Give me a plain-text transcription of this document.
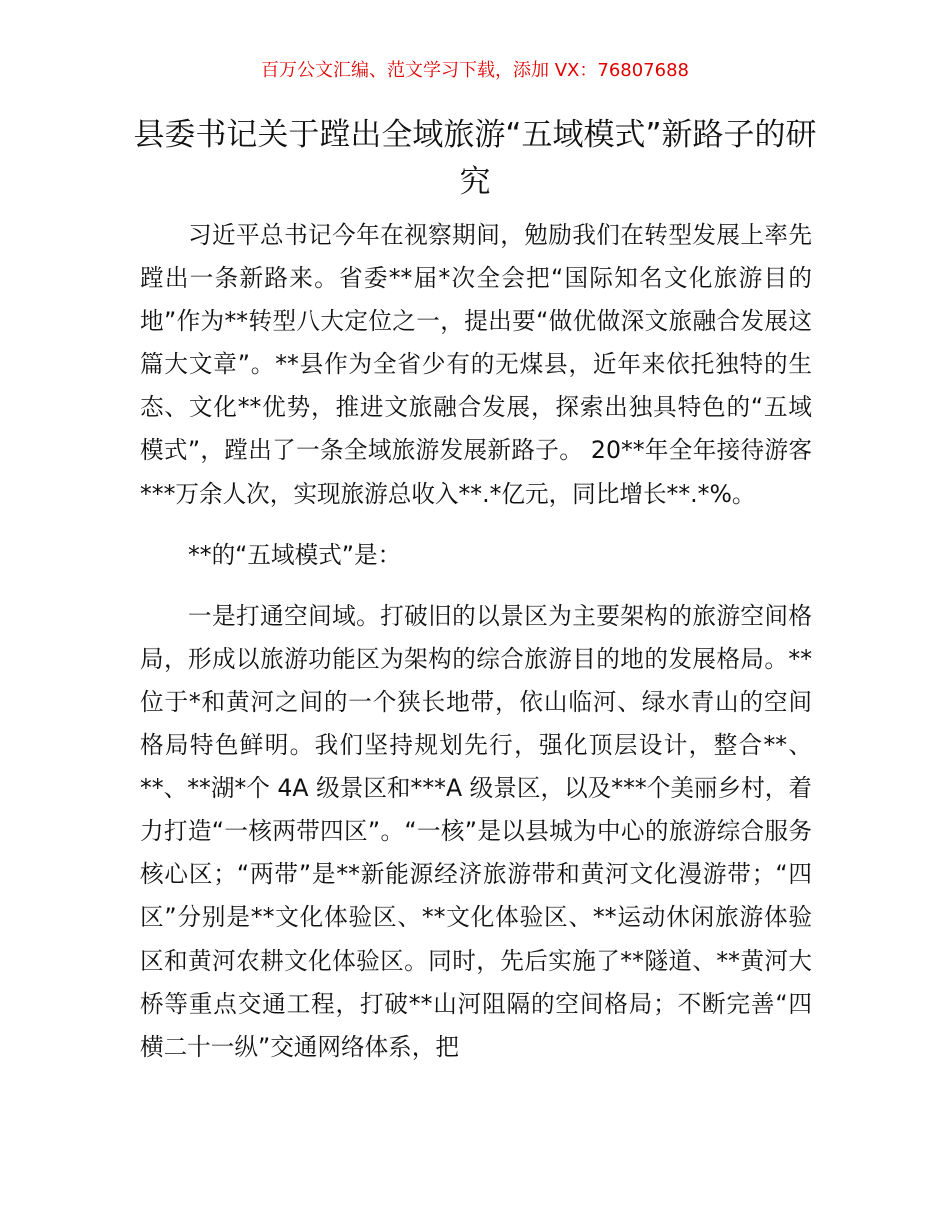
百万公文汇编、范文学习下载，添加 VX：76807688
县委书记关于蹚出全域旅游“五域模式”新路子的研究

习近平总书记今年在视察期间，勉励我们在转型发展上率先蹚出一条新路来。省委**届*次全会把“国际知名文化旅游目的地”作为**转型八大定位之一，提出要“做优做深文旅融合发展这篇大文章”。**县作为全省少有的无煤县，近年来依托独特的生态、文化**优势，推进文旅融合发展，探索出独具特色的“五域模式”，蹚出了一条全域旅游发展新路子。 20**年全年接待游客***万余人次，实现旅游总收入**.*亿元，同比增长**.*%。

**的“五域模式”是：

一是打通空间域。打破旧的以景区为主要架构的旅游空间格局，形成以旅游功能区为架构的综合旅游目的地的发展格局。**位于*和黄河之间的一个狭长地带，依山临河、绿水青山的空间格局特色鲜明。我们坚持规划先行，强化顶层设计，整合**、**、**湖*个 4A 级景区和***A 级景区，以及***个美丽乡村，着力打造“一核两带四区”。“一核”是以县城为中心的旅游综合服务核心区；“两带”是**新能源经济旅游带和黄河文化漫游带；“四区”分别是**文化体验区、**文化体验区、**运动休闲旅游体验区和黄河农耕文化体验区。同时，先后实施了**隧道、**黄河大桥等重点交通工程，打破**山河阻隔的空间格局；不断完善“四横二十一纵”交通网络体系，把
